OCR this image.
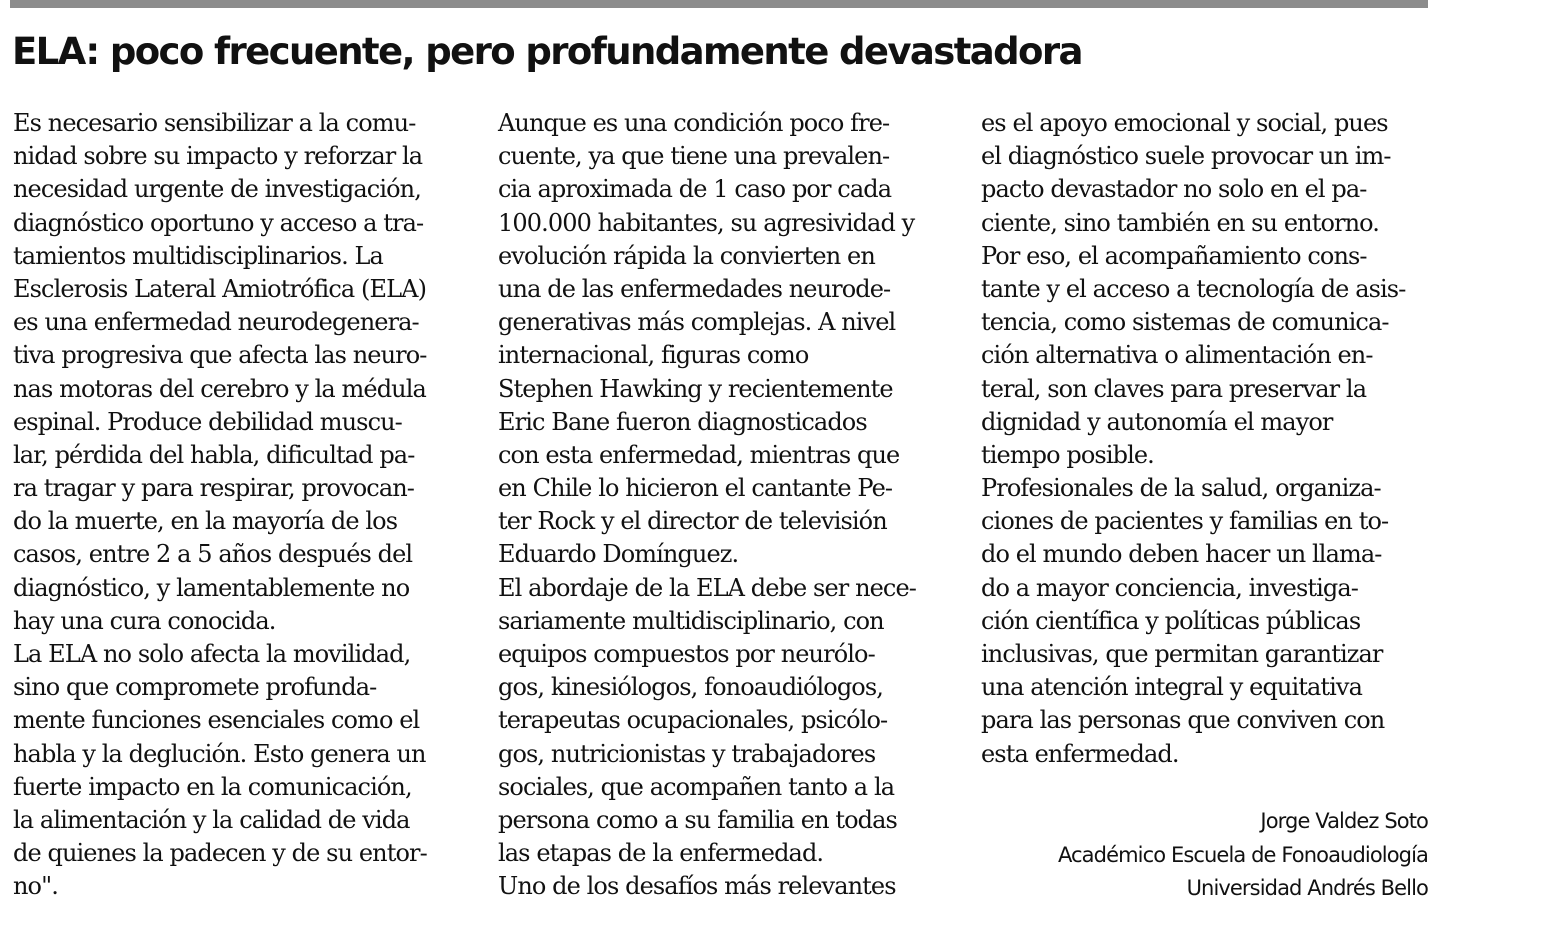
ELA: poco frecuente, pero profundamente devastadora
Es necesario sensibilizar a la comu-
nidad sobre su impacto y reforzar la
necesidad urgente de investigación,
diagnóstico oportuno y acceso a tra-
tamientos multidisciplinarios. La
Esclerosis Lateral Amiotrófica (ELA)
es una enfermedad neurodegenera-
tiva progresiva que afecta las neuro-
nas motoras del cerebro y la médula
espinal. Produce debilidad muscu-
lar, pérdida del habla, dificultad pa-
ra tragar y para respirar, provocan-
do la muerte, en la mayoría de los
casos, entre 2 a 5 años después del
diagnóstico, y lamentablemente no
hay una cura conocida.
La ELA no solo afecta la movilidad,
sino que compromete profunda-
mente funciones esenciales como el
habla y la deglución. Esto genera un
fuerte impacto en la comunicación,
la alimentación y la calidad de vida
de quienes la padecen y de su entor-
no".
Aunque es una condición poco fre-
cuente, ya que tiene una prevalen-
cia aproximada de 1 caso por cada
100.000 habitantes, su agresividad y
evolución rápida la convierten en
una de las enfermedades neurode-
generativas más complejas. A nivel
internacional, figuras como
Stephen Hawking y recientemente
Eric Bane fueron diagnosticados
con esta enfermedad, mientras que
en Chile lo hicieron el cantante Pe-
ter Rock y el director de televisión
Eduardo Domínguez.
El abordaje de la ELA debe ser nece-
sariamente multidisciplinario, con
equipos compuestos por neurólo-
gos, kinesiólogos, fonoaudiólogos,
terapeutas ocupacionales, psicólo-
gos, nutricionistas y trabajadores
sociales, que acompañen tanto a la
persona como a su familia en todas
las etapas de la enfermedad.
Uno de los desafíos más relevantes
es el apoyo emocional y social, pues
el diagnóstico suele provocar un im-
pacto devastador no solo en el pa-
ciente, sino también en su entorno.
Por eso, el acompañamiento cons-
tante y el acceso a tecnología de asis-
tencia, como sistemas de comunica-
ción alternativa o alimentación en-
teral, son claves para preservar la
dignidad y autonomía el mayor
tiempo posible.
Profesionales de la salud, organiza-
ciones de pacientes y familias en to-
do el mundo deben hacer un llama-
do a mayor conciencia, investiga-
ción científica y políticas públicas
inclusivas, que permitan garantizar
una atención integral y equitativa
para las personas que conviven con
esta enfermedad.
Jorge Valdez Soto
Académico Escuela de Fonoaudiología
Universidad Andrés Bello
